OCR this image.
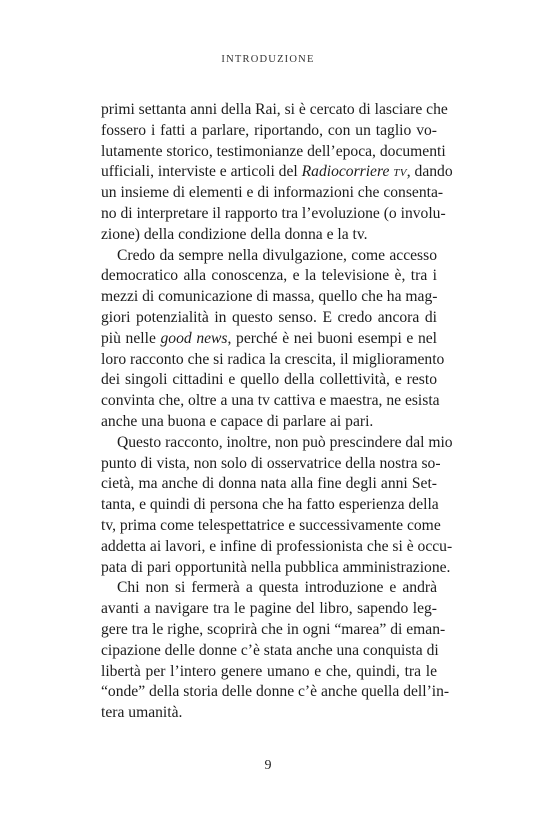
INTRODUZIONE

primi settanta anni della Rai, si è cercato di lasciare che
fossero i fatti a parlare, riportando, con un taglio vo-
lutamente storico, testimonianze dell’epoca, documenti
ufficiali, interviste e articoli del Radiocorriere TV, dando
un insieme di elementi e di informazioni che consenta-
no di interpretare il rapporto tra l’evoluzione (o involu-
zione) della condizione della donna e la tv.

Credo da sempre nella divulgazione, come accesso
democratico alla conoscenza, e la televisione è, tra i
mezzi di comunicazione di massa, quello che ha mag-
giori potenzialità in questo senso. E credo ancora di
più nelle good news, perché è nei buoni esempi e nel
loro racconto che si radica la crescita, il miglioramento
dei singoli cittadini e quello della collettività, e resto
convinta che, oltre a una tv cattiva e maestra, ne esista
anche una buona e capace di parlare ai pari.

Questo racconto, inoltre, non può prescindere dal mio
punto di vista, non solo di osservatrice della nostra so-
cietà, ma anche di donna nata alla fine degli anni Set-
tanta, e quindi di persona che ha fatto esperienza della
tv, prima come telespettatrice e successivamente come
addetta ai lavori, e infine di professionista che si è occu-
pata di pari opportunità nella pubblica amministrazione.

Chi non si fermerà a questa introduzione e andrà
avanti a navigare tra le pagine del libro, sapendo leg-
gere tra le righe, scoprirà che in ogni “marea” di eman-
cipazione delle donne c’è stata anche una conquista di
libertà per l’intero genere umano e che, quindi, tra le
“onde” della storia delle donne c’è anche quella dell’in-
tera umanità.

9
